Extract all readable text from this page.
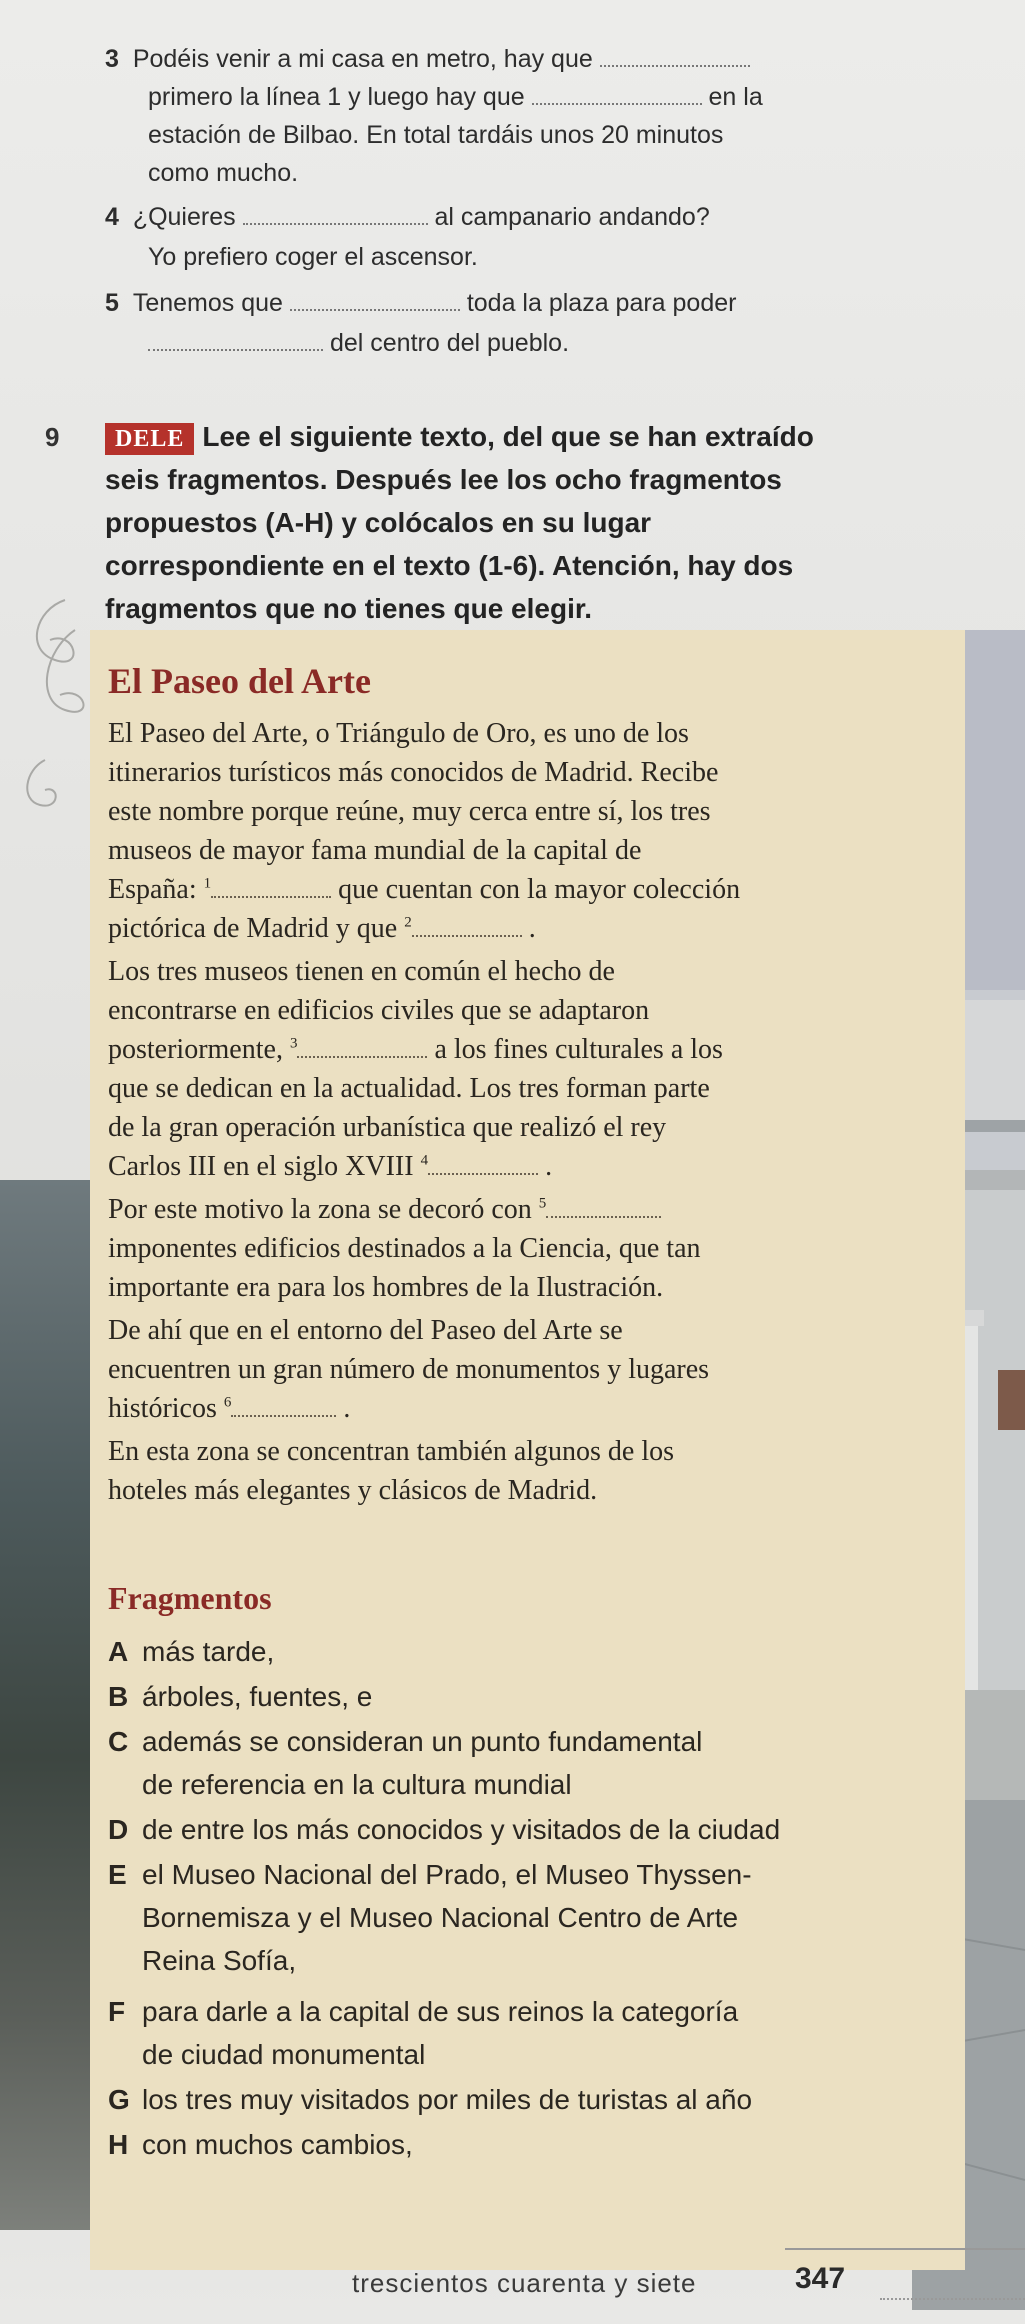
3 Podéis venir a mi casa en metro, hay que
primero la línea 1 y luego hay que	en la
estación de Bilbao. En total tardáis unos 20 minutos
como mucho.
4 ¿Quieres	al campanario andando?
Yo prefiero coger el ascensor.
5 Tenemos que	toda la plaza para poder
del centro del pueblo.
9	DELE Lee el siguiente texto, del que se han extraído
seis fragmentos. Después lee los ocho fragmentos
propuestos (A-H) y colócalos en su lugar
correspondiente en el texto (1-6). Atención, hay dos
fragmentos que no tienes que elegir.
El Paseo del Arte
El Paseo del Arte, o Triángulo de Oro, es uno de los
itinerarios turísticos más conocidos de Madrid. Recibe
este nombre porque reúne, muy cerca entre sí, los tres
museos de mayor fama mundial de la capital de
España: $^1$	que cuentan con la mayor colección
pictórica de Madrid y que $^2$	.
Los tres museos tienen en común el hecho de
encontrarse en edificios civiles que se adaptaron
posteriormente, $^3$	a los fines culturales a los
que se dedican en la actualidad. Los tres forman parte
de la gran operación urbanística que realizó el rey
Carlos III en el siglo XVIII $^4$	.
Por este motivo la zona se decoró con $^5$
imponentes edificios destinados a la Ciencia, que tan
importante era para los hombres de la Ilustración.
De ahí que en el entorno del Paseo del Arte se
encuentren un gran número de monumentos y lugares
históricos $^6$	.
En esta zona se concentran también algunos de los
hoteles más elegantes y clásicos de Madrid.
Fragmentos
A más tarde,
B árboles, fuentes, e
C además se consideran un punto fundamental
de referencia en la cultura mundial
D de entre los más conocidos y visitados de la ciudad
E el Museo Nacional del Prado, el Museo Thyssen-
Bornemisza y el Museo Nacional Centro de Arte
Reina Sofía,
F para darle a la capital de sus reinos la categoría
de ciudad monumental
G los tres muy visitados por miles de turistas al año
H con muchos cambios,
trescientos cuarenta y siete	347
